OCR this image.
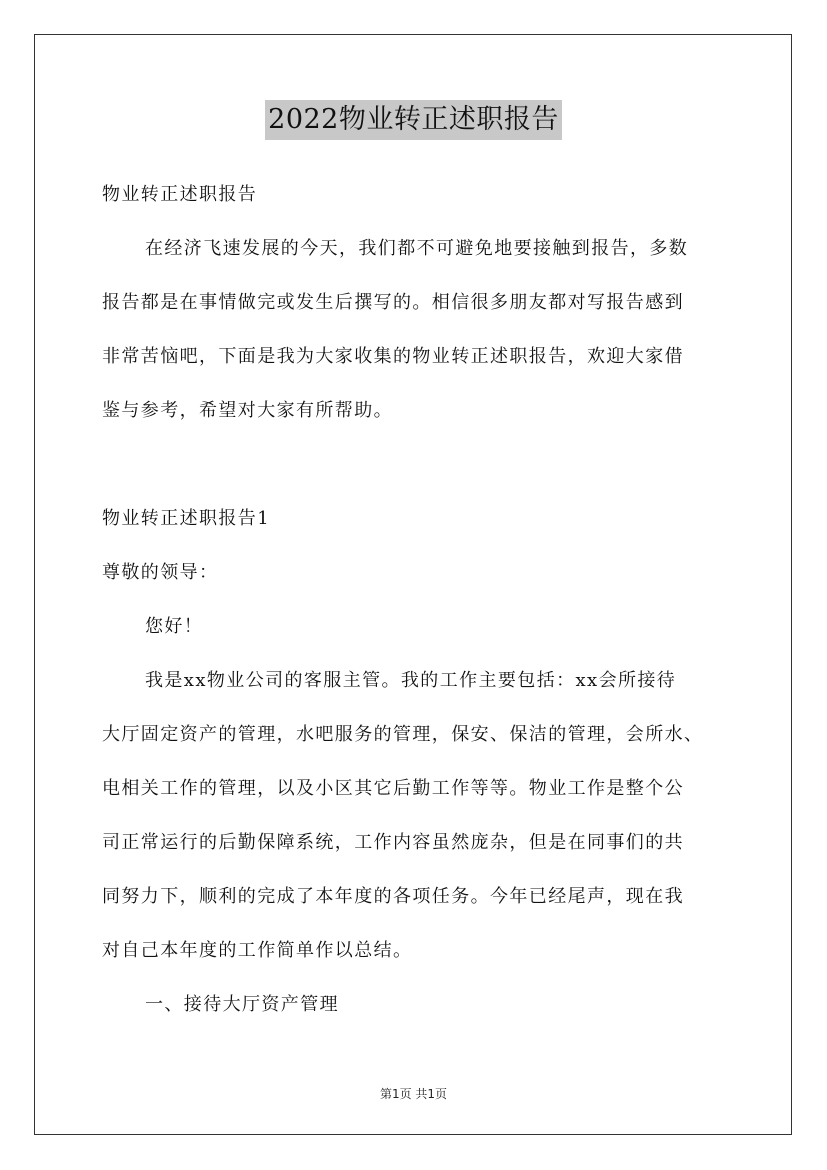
2022物业转正述职报告
物业转正述职报告
在经济飞速发展的今天，我们都不可避免地要接触到报告，多数
报告都是在事情做完或发生后撰写的。相信很多朋友都对写报告感到
非常苦恼吧，下面是我为大家收集的物业转正述职报告，欢迎大家借
鉴与参考，希望对大家有所帮助。
物业转正述职报告1
尊敬的领导：
您好！
我是xx物业公司的客服主管。我的工作主要包括：xx会所接待
大厅固定资产的管理，水吧服务的管理，保安、保洁的管理，会所水、
电相关工作的管理，以及小区其它后勤工作等等。物业工作是整个公
司正常运行的后勤保障系统，工作内容虽然庞杂，但是在同事们的共
同努力下，顺利的完成了本年度的各项任务。今年已经尾声，现在我
对自己本年度的工作简单作以总结。
一、接待大厅资产管理
第1页 共1页
